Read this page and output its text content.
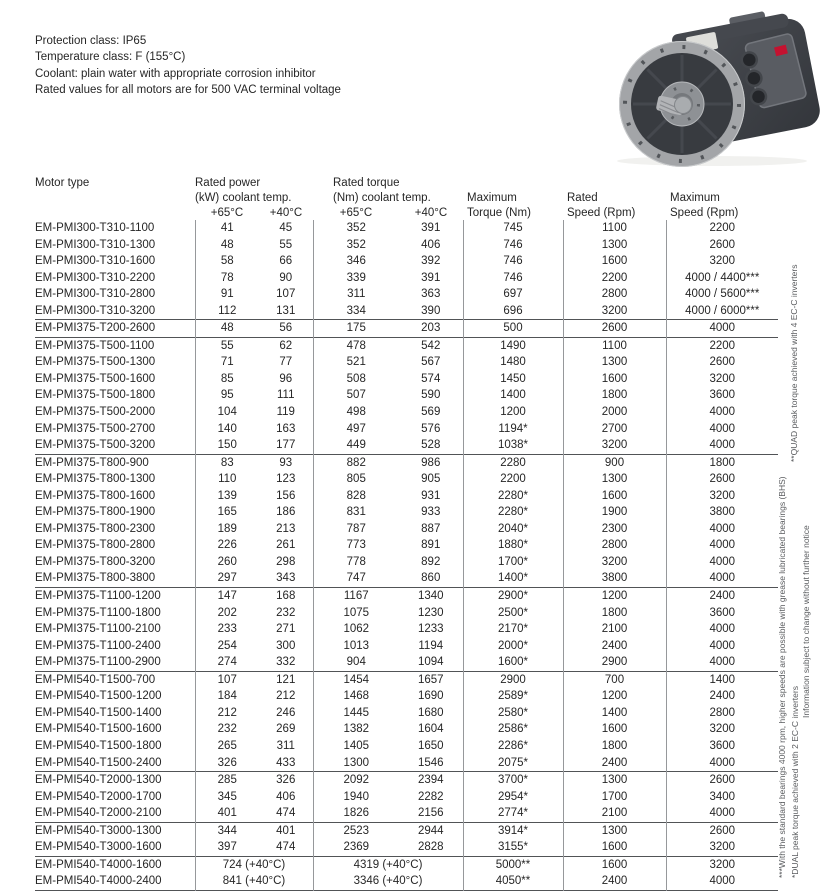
Protection class: IP65
Temperature class: F (155°C)
Coolant: plain water with appropriate corrosion inhibitor
Rated values for all motors are for 500 VAC terminal voltage
Motor type	Rated power		Rated torque				
	(kW) coolant temp.		(Nm) coolant temp.		Maximum	Rated	Maximum
	+65°C	+40°C	+65°C	+40°C	Torque (Nm)	Speed (Rpm)	Speed (Rpm)
EM-PMI300-T310-1100	41	45	352	391	745	1100	2200
EM-PMI300-T310-1300	48	55	352	406	746	1300	2600
EM-PMI300-T310-1600	58	66	346	392	746	1600	3200
EM-PMI300-T310-2200	78	90	339	391	746	2200	4000 / 4400***
EM-PMI300-T310-2800	91	107	311	363	697	2800	4000 / 5600***
EM-PMI300-T310-3200	112	131	334	390	696	3200	4000 / 6000***
EM-PMI375-T200-2600	48	56	175	203	500	2600	4000
EM-PMI375-T500-1100	55	62	478	542	1490	1100	2200
EM-PMI375-T500-1300	71	77	521	567	1480	1300	2600
EM-PMI375-T500-1600	85	96	508	574	1450	1600	3200
EM-PMI375-T500-1800	95	111	507	590	1400	1800	3600
EM-PMI375-T500-2000	104	119	498	569	1200	2000	4000
EM-PMI375-T500-2700	140	163	497	576	1194*	2700	4000
EM-PMI375-T500-3200	150	177	449	528	1038*	3200	4000
EM-PMI375-T800-900	83	93	882	986	2280	900	1800
EM-PMI375-T800-1300	110	123	805	905	2200	1300	2600
EM-PMI375-T800-1600	139	156	828	931	2280*	1600	3200
EM-PMI375-T800-1900	165	186	831	933	2280*	1900	3800
EM-PMI375-T800-2300	189	213	787	887	2040*	2300	4000
EM-PMI375-T800-2800	226	261	773	891	1880*	2800	4000
EM-PMI375-T800-3200	260	298	778	892	1700*	3200	4000
EM-PMI375-T800-3800	297	343	747	860	1400*	3800	4000
EM-PMI375-T1100-1200	147	168	1167	1340	2900*	1200	2400
EM-PMI375-T1100-1800	202	232	1075	1230	2500*	1800	3600
EM-PMI375-T1100-2100	233	271	1062	1233	2170*	2100	4000
EM-PMI375-T1100-2400	254	300	1013	1194	2000*	2400	4000
EM-PMI375-T1100-2900	274	332	904	1094	1600*	2900	4000
EM-PMI540-T1500-700	107	121	1454	1657	2900	700	1400
EM-PMI540-T1500-1200	184	212	1468	1690	2589*	1200	2400
EM-PMI540-T1500-1400	212	246	1445	1680	2580*	1400	2800
EM-PMI540-T1500-1600	232	269	1382	1604	2586*	1600	3200
EM-PMI540-T1500-1800	265	311	1405	1650	2286*	1800	3600
EM-PMI540-T1500-2400	326	433	1300	1546	2075*	2400	4000
EM-PMI540-T2000-1300	285	326	2092	2394	3700*	1300	2600
EM-PMI540-T2000-1700	345	406	1940	2282	2954*	1700	3400
EM-PMI540-T2000-2100	401	474	1826	2156	2774*	2100	4000
EM-PMI540-T3000-1300	344	401	2523	2944	3914*	1300	2600
EM-PMI540-T3000-1600	397	474	2369	2828	3155*	1600	3200
EM-PMI540-T4000-1600	724 (+40°C)		4319 (+40°C)		5000**	1600	3200
EM-PMI540-T4000-2400	841 (+40°C)		3346 (+40°C)		4050**	2400	4000
***With the standard bearings 4000 rpm, higher speeds are possible with grease lubricated bearings (BHS) *DUAL peak torque achieved with 2 EC-C inverters
**QUAD peak torque achieved with 4 EC-C inverters
Information subject to change without further notice
